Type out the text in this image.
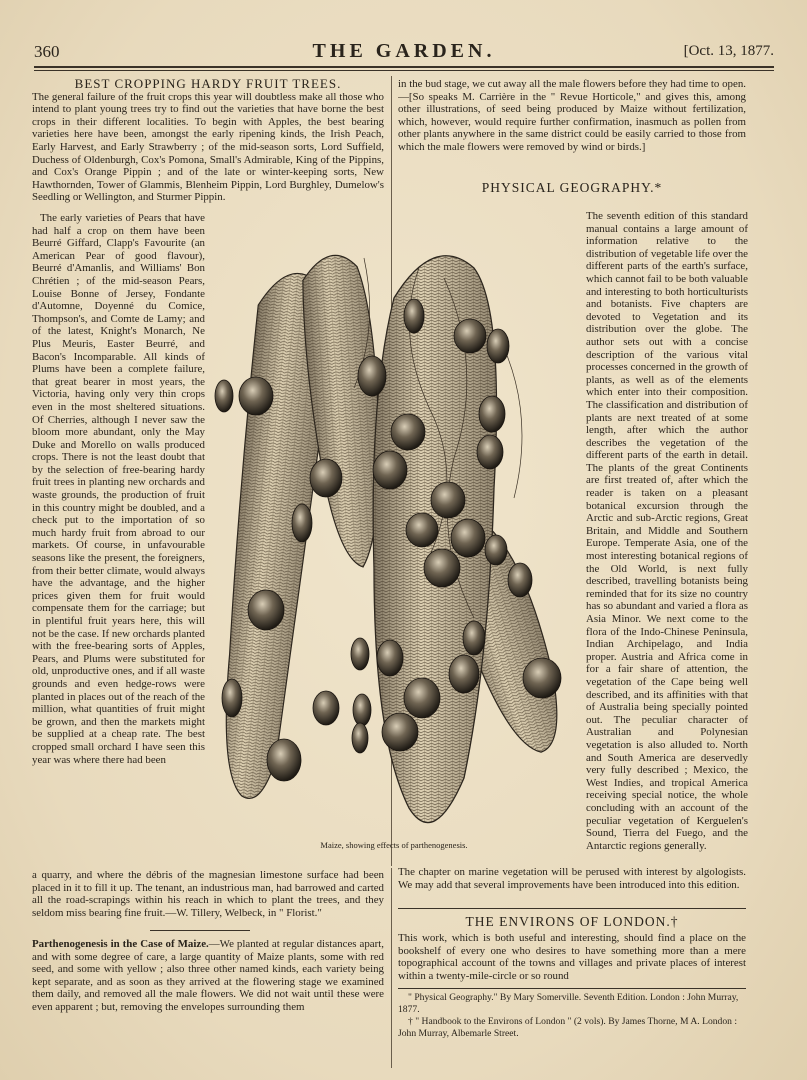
360	THE GARDEN.	[Oct. 13, 1877.
BEST CROPPING HARDY FRUIT TREES.
The general failure of the fruit crops this year will doubtless make all those who intend to plant young trees try to find out the varieties that have borne the best crops in their different localities. To begin with Apples, the best bearing varieties here have been, amongst the early ripening kinds, the Irish Peach, Early Harvest, and Early Strawberry ; of the mid-season sorts, Lord Suffield, Duchess of Oldenburgh, Cox's Pomona, Small's Admirable, King of the Pippins, and Cox's Orange Pippin ; and of the late or winter-keeping sorts, New Hawthornden, Tower of Glammis, Blenheim Pippin, Lord Burghley, Dumelow's Seedling or Wellington, and Sturmer Pippin.
The early varieties of Pears that have had half a crop on them have been Beurré Giffard, Clapp's Favourite (an American Pear of good flavour), Beurré d'Amanlis, and Williams' Bon Chrétien ; of the mid-season Pears, Louise Bonne of Jersey, Fondante d'Automne, Doyenné du Comice, Thompson's, and Comte de Lamy; and of the latest, Knight's Monarch, Ne Plus Meuris, Easter Beurré, and Bacon's Incomparable. All kinds of Plums have been a complete failure, that great bearer in most years, the Victoria, having only very thin crops even in the most sheltered situations. Of Cherries, although I never saw the bloom more abundant, only the May Duke and Morello on walls produced crops. There is not the least doubt that by the selection of free-bearing hardy fruit trees in planting new orchards and waste grounds, the production of fruit in this country might be doubled, and a check put to the importation of so much hardy fruit from abroad to our markets. Of course, in unfavourable seasons like the present, the foreigners, from their better climate, would always have the advantage, and the higher prices given them for fruit would compensate them for the carriage; but in plentiful fruit years here, this will not be the case. If new orchards planted with the free-bearing sorts of Apples, Pears, and Plums were substituted for old, unproductive ones, and if all waste grounds and even hedge-rows were planted in places out of the reach of the million, what quantities of fruit might be grown, and then the markets might be supplied at a cheap rate. The best cropped small orchard I have seen this year was where there had been
a quarry, and where the débris of the magnesian limestone surface had been placed in it to fill it up. The tenant, an industrious man, had barrowed and carted all the road-scrapings within his reach in which to plant the trees, and they seldom miss bearing fine fruit.—W. Tillery, Welbeck, in " Florist."
Parthenogenesis in the Case of Maize.—We planted at regular distances apart, and with some degree of care, a large quantity of Maize plants, some with red seed, and some with yellow ; also three other named kinds, each variety being kept separate, and as soon as they arrived at the flowering stage we examined them daily, and removed all the male flowers. We did not wait until these were even apparent ; but, removing the envelopes surrounding them
in the bud stage, we cut away all the male flowers before they had time to open.—[So speaks M. Carrière in the " Revue Horticole," and gives this, among other illustrations, of seed being produced by Maize without fertilization, which, however, would require further confirmation, inasmuch as pollen from other plants anywhere in the same district could be easily carried to those from which the male flowers were removed by wind or birds.]
PHYSICAL GEOGRAPHY.*
The seventh edition of this standard manual contains a large amount of information relative to the distribution of vegetable life over the different parts of the earth's surface, which cannot fail to be both valuable and interesting to both horticulturists and botanists. Five chapters are devoted to Vegetation and its distribution over the globe. The author sets out with a concise description of the various vital processes concerned in the growth of plants, as well as of the elements which enter into their composition. The classification and distribution of plants are next treated of at some length, after which the author describes the vegetation of the different parts of the earth in detail. The plants of the great Continents are first treated of, after which the reader is taken on a pleasant botanical excursion through the Arctic and sub-Arctic regions, Great Britain, and Middle and Southern Europe. Temperate Asia, one of the most interesting botanical regions of the Old World, is next fully described, travelling botanists being reminded that for its size no country has so abundant and varied a flora as Asia Minor. We next come to the flora of the Indo-Chinese Peninsula, Indian Archipelago, and India proper. Austria and Africa come in for a fair share of attention, the vegetation of the Cape being well described, and its affinities with that of Australia being specially pointed out. The peculiar character of Australian and Polynesian vegetation is also alluded to. North and South America are deservedly very fully described ; Mexico, the West Indies, and tropical America receiving special notice, the whole concluding with an account of the peculiar vegetation of Kerguelen's Sound, Tierra del Fuego, and the Antarctic regions generally.
The chapter on marine vegetation will be perused with interest by algologists. We may add that several improvements have been introduced into this edition.
THE ENVIRONS OF LONDON.†
This work, which is both useful and interesting, should find a place on the bookshelf of every one who desires to have something more than a mere topographical account of the towns and villages and private places of interest within a twenty-mile-circle or so round
" Physical Geography." By Mary Somerville. Seventh Edition. London : John Murray, 1877.
† " Handbook to the Environs of London " (2 vols). By James Thorne, M A. London : John Murray, Albemarle Street.
Maize, showing effects of parthenogenesis.
